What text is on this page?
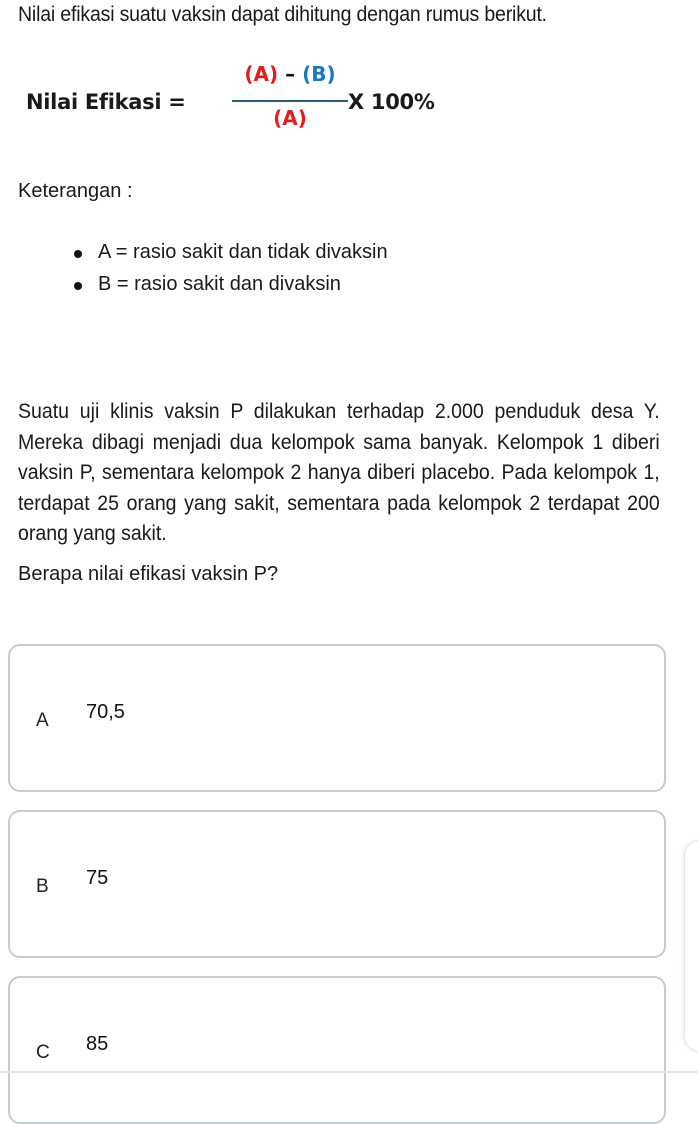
Nilai efikasi suatu vaksin dapat dihitung dengan rumus berikut.
Nilai Efikasi =
(A) – (B)
(A)
X 100%
Keterangan :
A = rasio sakit dan tidak divaksin
B = rasio sakit dan divaksin
Suatu uji klinis vaksin P dilakukan terhadap 2.000 penduduk desa Y. Mereka dibagi menjadi dua kelompok sama banyak. Kelompok 1 diberi vaksin P, sementara kelompok 2 hanya diberi placebo. Pada kelompok 1, terdapat 25 orang yang sakit, sementara pada kelompok 2 terdapat 200 orang yang sakit.
Berapa nilai efikasi vaksin P?
A 70,5
B 75
C 85
